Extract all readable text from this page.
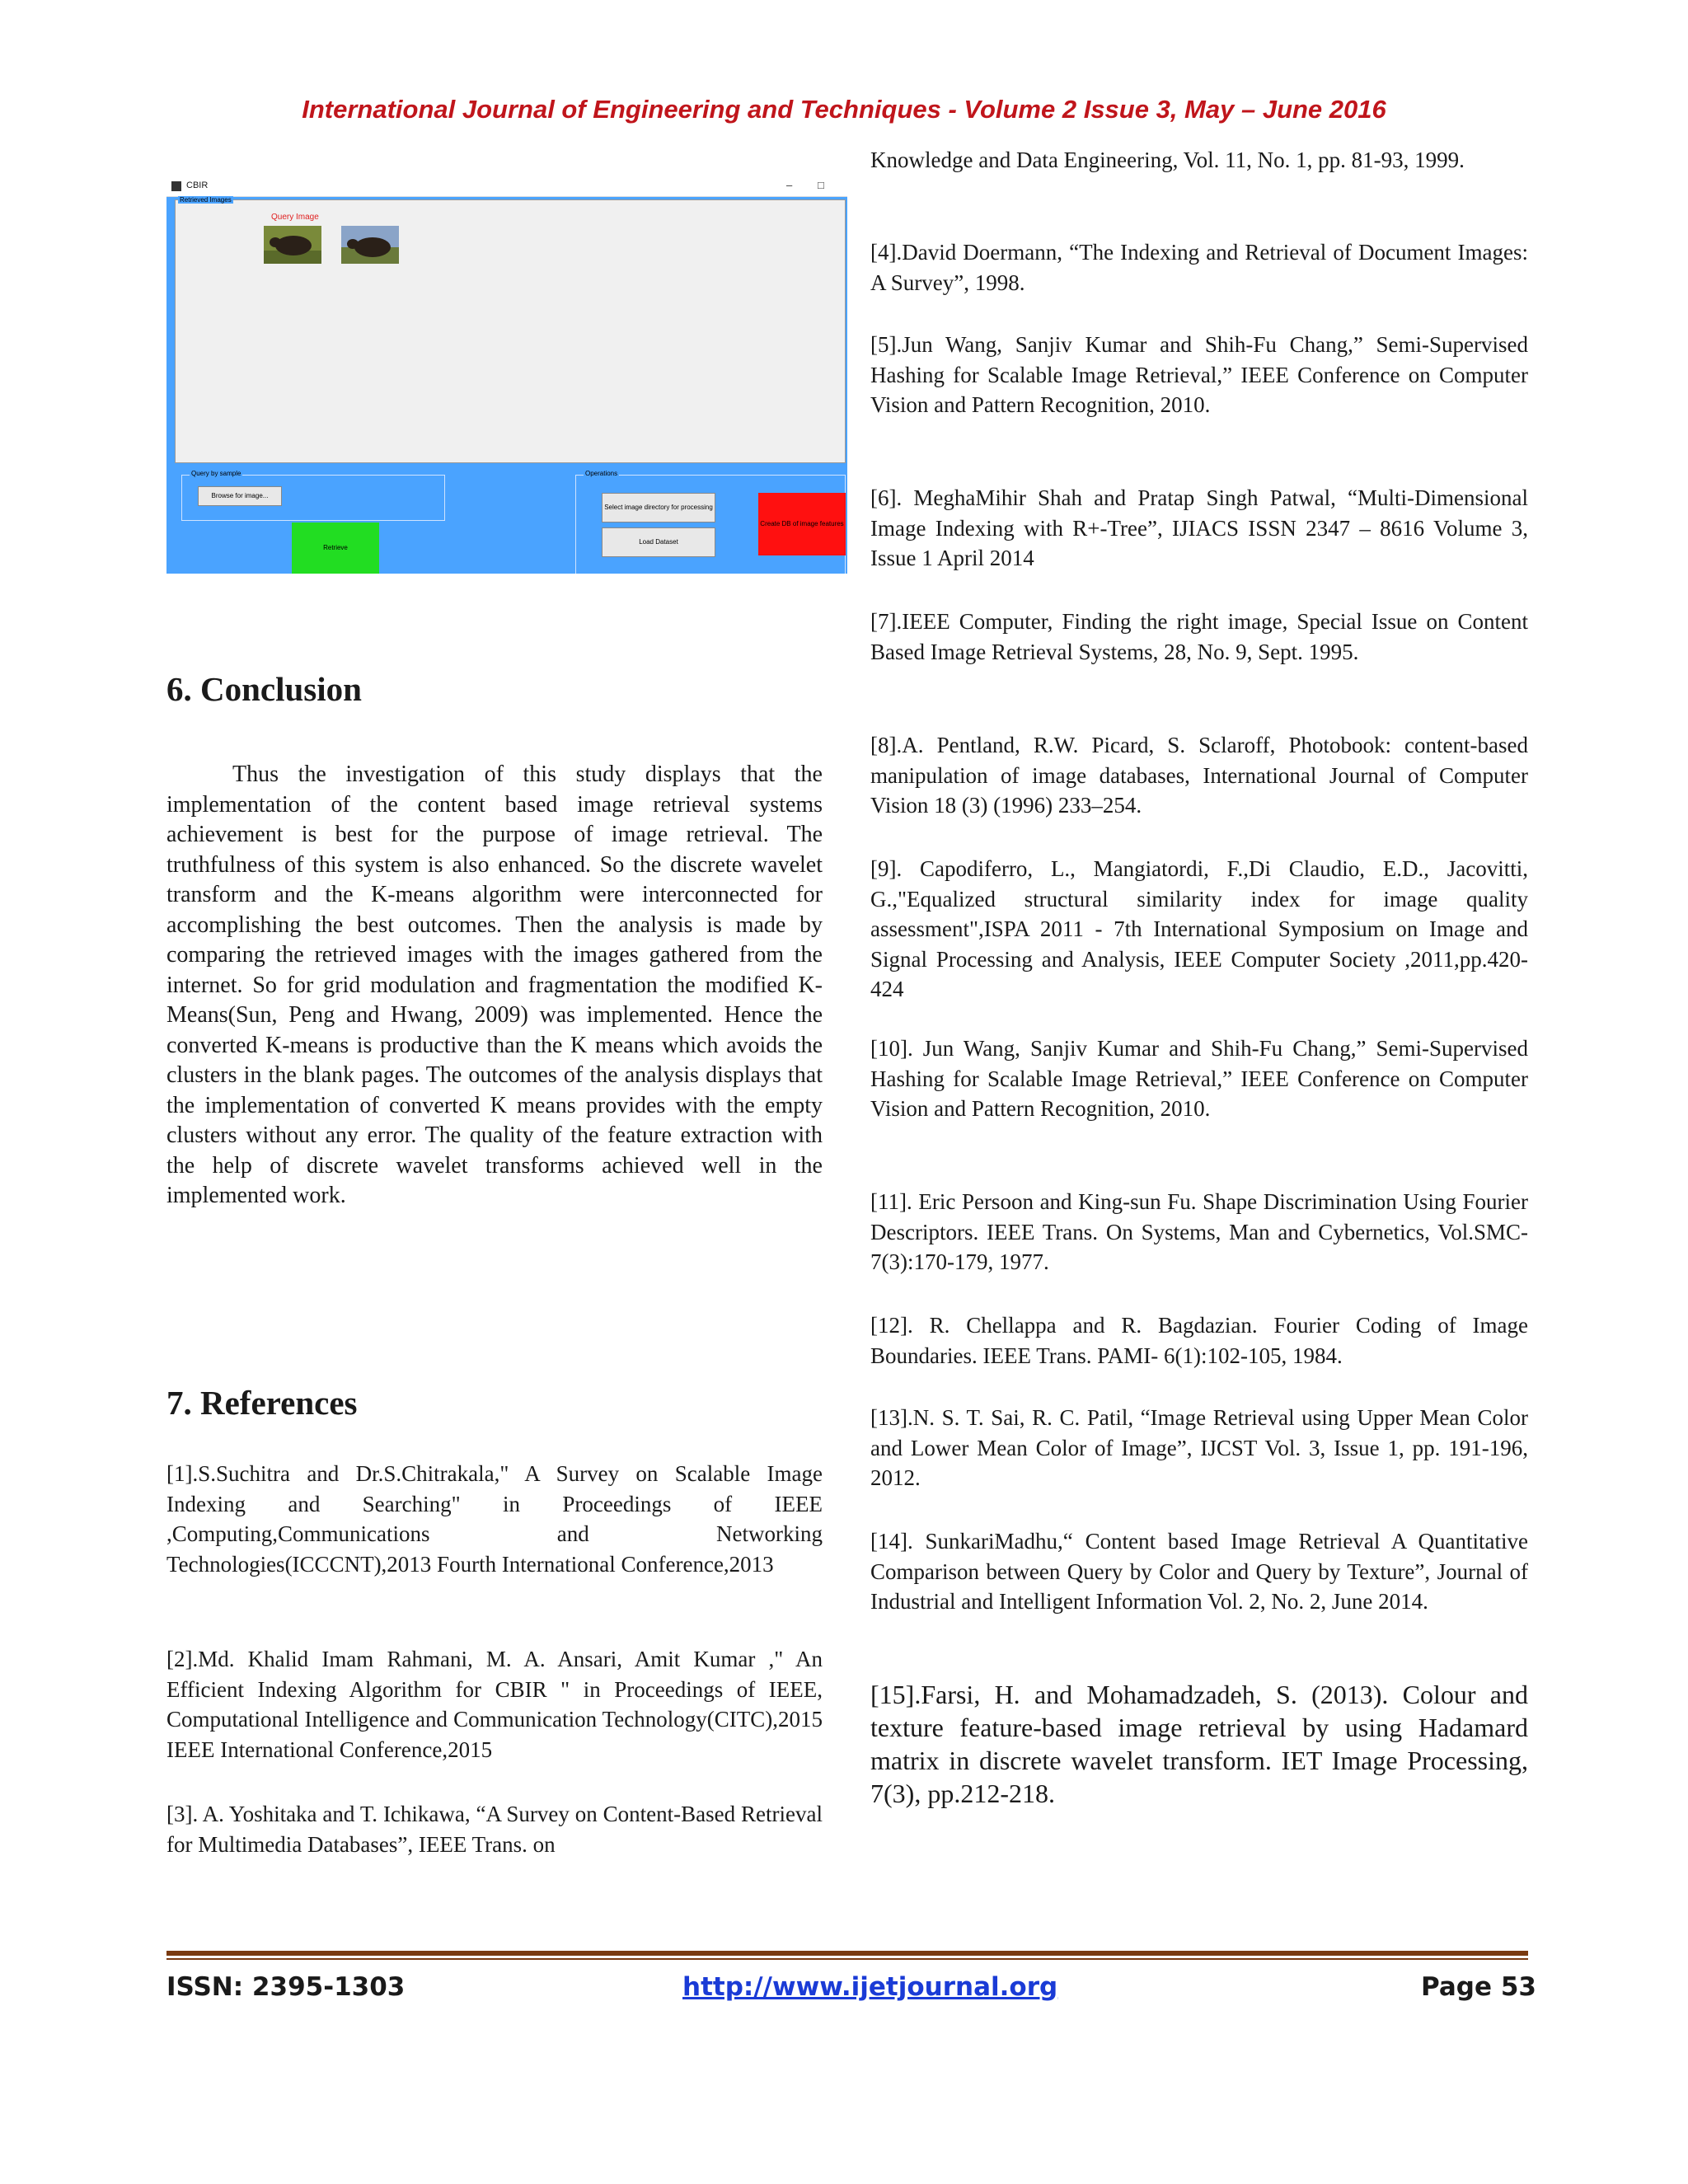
International Journal of Engineering and Techniques - Volume 2 Issue 3, May – June 2016
CBIR	– □
Retrieved Images
Query Image
Query by sample
Browse for image...
Retrieve
Operations
Select image directory for processing
Load Dataset
Create DB of image features
6. Conclusion

Thus the investigation of this study displays that the implementation of the content based image retrieval systems achievement is best for the purpose of image retrieval. The truthfulness of this system is also enhanced. So the discrete wavelet transform and the K-means algorithm were interconnected for accomplishing the best outcomes. Then the analysis is made by comparing the retrieved images with the images gathered from the internet. So for grid modulation and fragmentation the modified K-Means(Sun, Peng and Hwang, 2009) was implemented. Hence the converted K-means is productive than the K means which avoids the clusters in the blank pages. The outcomes of the analysis displays that the implementation of converted K means provides with the empty clusters without any error. The quality of the feature extraction with the help of discrete wavelet transforms achieved well in the implemented work.

7. References

[1].S.Suchitra and Dr.S.Chitrakala," A Survey on Scalable Image Indexing and Searching" in Proceedings of IEEE ,Computing,Communications and Networking Technologies(ICCCNT),2013 Fourth International Conference,2013

[2].Md. Khalid Imam Rahmani, M. A. Ansari, Amit Kumar ," An Efficient Indexing Algorithm for CBIR " in Proceedings of IEEE, Computational Intelligence and Communication Technology(CITC),2015 IEEE International Conference,2015

[3]. A. Yoshitaka and T. Ichikawa, “A Survey on Content-Based Retrieval for Multimedia Databases”, IEEE Trans. on

Knowledge and Data Engineering, Vol. 11, No. 1, pp. 81-93, 1999.

[4].David Doermann, “The Indexing and Retrieval of Document Images: A Survey”, 1998.

[5].Jun Wang, Sanjiv Kumar and Shih-Fu Chang,” Semi-Supervised Hashing for Scalable Image Retrieval,” IEEE Conference on Computer Vision and Pattern Recognition, 2010.

[6]. MeghaMihir Shah and Pratap Singh Patwal, “Multi-Dimensional Image Indexing with R+-Tree”, IJIACS ISSN 2347 – 8616 Volume 3, Issue 1 April 2014

[7].IEEE Computer, Finding the right image, Special Issue on Content Based Image Retrieval Systems, 28, No. 9, Sept. 1995.

[8].A. Pentland, R.W. Picard, S. Sclaroff, Photobook: content-based manipulation of image databases, International Journal of Computer Vision 18 (3) (1996) 233–254.

[9]. Capodiferro, L., Mangiatordi, F.,Di Claudio, E.D., Jacovitti, G.,"Equalized structural similarity index for image quality assessment",ISPA 2011 - 7th International Symposium on Image and Signal Processing and Analysis, IEEE Computer Society ,2011,pp.420-424

[10]. Jun Wang, Sanjiv Kumar and Shih-Fu Chang,” Semi-Supervised Hashing for Scalable Image Retrieval,” IEEE Conference on Computer Vision and Pattern Recognition, 2010.

[11]. Eric Persoon and King-sun Fu. Shape Discrimination Using Fourier Descriptors. IEEE Trans. On Systems, Man and Cybernetics, Vol.SMC-7(3):170-179, 1977.

[12]. R. Chellappa and R. Bagdazian. Fourier Coding of Image Boundaries. IEEE Trans. PAMI- 6(1):102-105, 1984.

[13].N. S. T. Sai, R. C. Patil, “Image Retrieval using Upper Mean Color and Lower Mean Color of Image”, IJCST Vol. 3, Issue 1, pp. 191-196, 2012.

[14]. SunkariMadhu,“ Content based Image Retrieval A Quantitative Comparison between Query by Color and Query by Texture”, Journal of Industrial and Intelligent Information Vol. 2, No. 2, June 2014.

[15].Farsi, H. and Mohamadzadeh, S. (2013). Colour and texture feature-based image retrieval by using Hadamard matrix in discrete wavelet transform. IET Image Processing, 7(3), pp.212-218.

ISSN: 2395-1303	http://www.ijetjournal.org	Page 53
